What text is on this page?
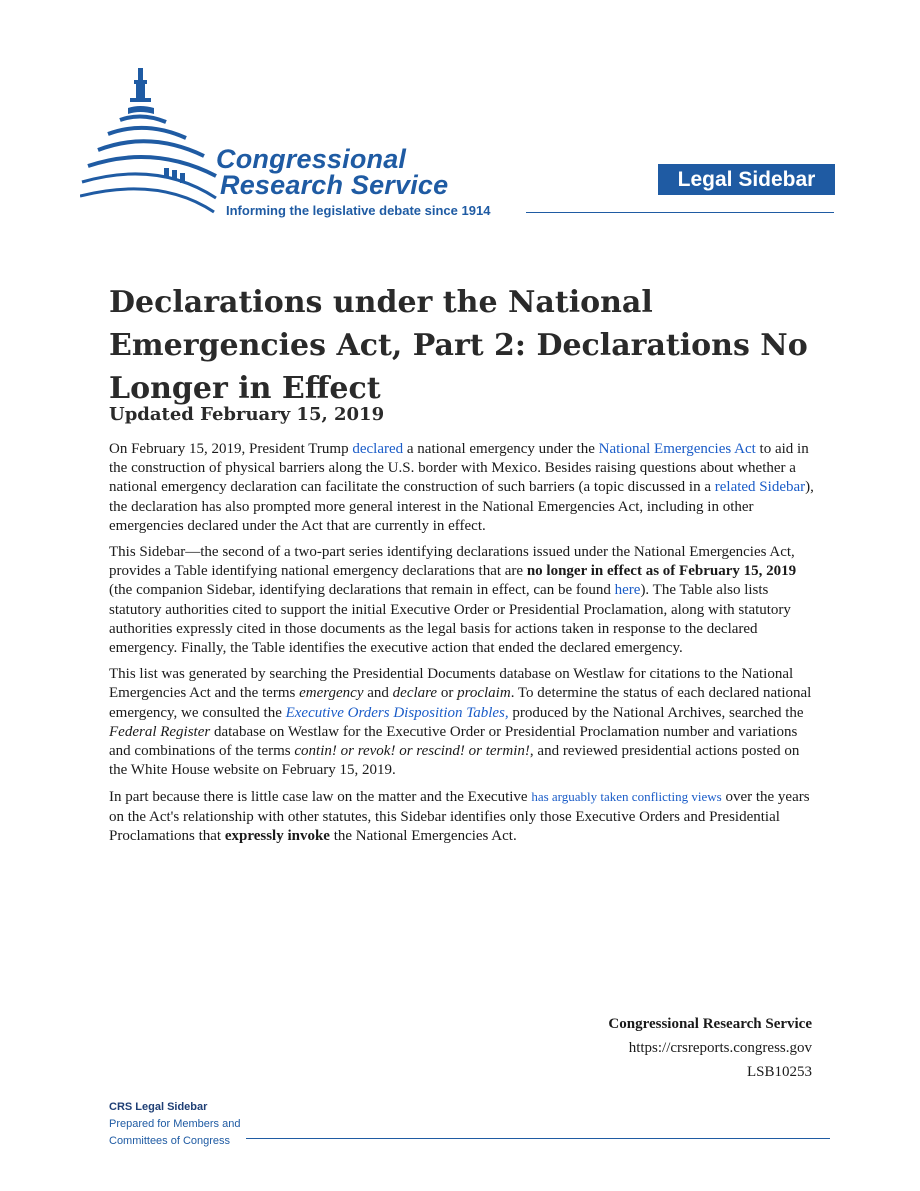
Congressional
Research Service
Informing the legislative debate since 1914
Legal Sidebar
Declarations under the National Emergencies Act, Part 2: Declarations No Longer in Effect
Updated February 15, 2019

On February 15, 2019, President Trump declared a national emergency under the National Emergencies Act to aid in the construction of physical barriers along the U.S. border with Mexico. Besides raising questions about whether a national emergency declaration can facilitate the construction of such barriers (a topic discussed in a related Sidebar), the declaration has also prompted more general interest in the National Emergencies Act, including in other emergencies declared under the Act that are currently in effect.

This Sidebar—the second of a two-part series identifying declarations issued under the National Emergencies Act, provides a Table identifying national emergency declarations that are no longer in effect as of February 15, 2019 (the companion Sidebar, identifying declarations that remain in effect, can be found here). The Table also lists statutory authorities cited to support the initial Executive Order or Presidential Proclamation, along with statutory authorities expressly cited in those documents as the legal basis for actions taken in response to the declared emergency. Finally, the Table identifies the executive action that ended the declared emergency.

This list was generated by searching the Presidential Documents database on Westlaw for citations to the National Emergencies Act and the terms emergency and declare or proclaim. To determine the status of each declared national emergency, we consulted the Executive Orders Disposition Tables, produced by the National Archives, searched the Federal Register database on Westlaw for the Executive Order or Presidential Proclamation number and variations and combinations of the terms contin! or revok! or rescind! or termin!, and reviewed presidential actions posted on the White House website on February 15, 2019.

In part because there is little case law on the matter and the Executive has arguably taken conflicting views over the years on the Act's relationship with other statutes, this Sidebar identifies only those Executive Orders and Presidential Proclamations that expressly invoke the National Emergencies Act.

Congressional Research Service
https://crsreports.congress.gov
LSB10253
CRS Legal Sidebar
Prepared for Members and
Committees of Congress
